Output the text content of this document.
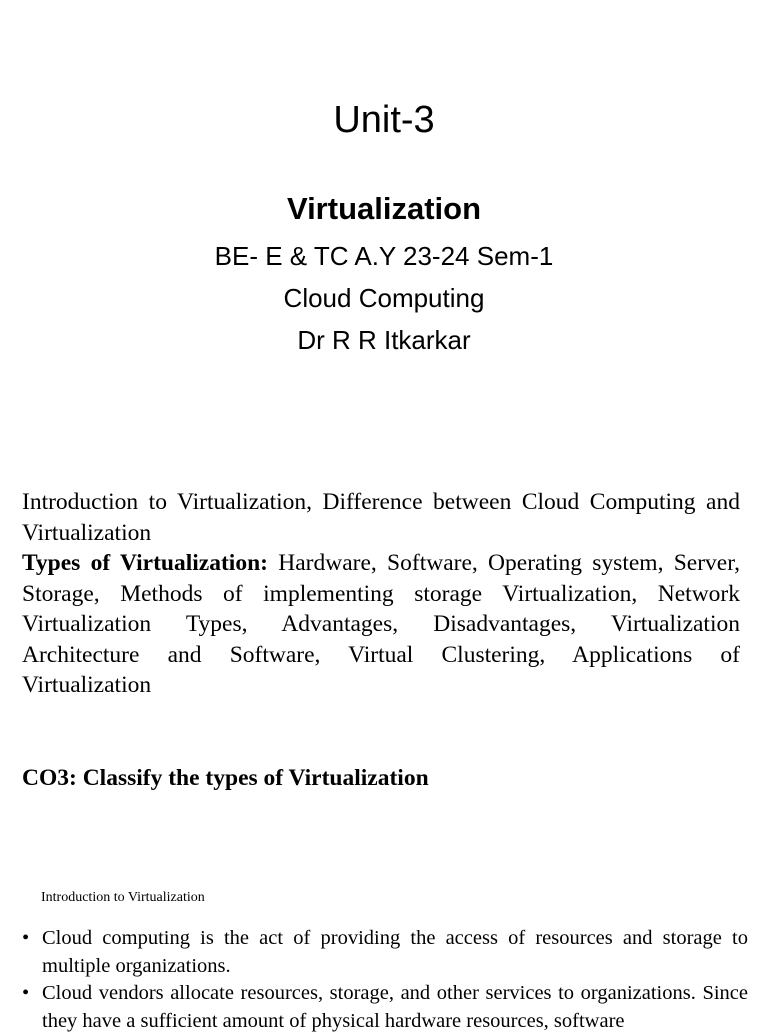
Unit-3
Virtualization
BE- E & TC A.Y 23-24 Sem-1
Cloud Computing
Dr R R Itkarkar

Introduction to Virtualization, Difference between Cloud Computing and Virtualization

Types of Virtualization: Hardware, Software, Operating system, Server, Storage, Methods of implementing storage Virtualization, Network Virtualization Types, Advantages, Disadvantages, Virtualization Architecture and Software, Virtual Clustering, Applications of Virtualization

CO3: Classify the types of Virtualization
Introduction to Virtualization
• Cloud computing is the act of providing the access of resources and storage to multiple organizations.
• Cloud vendors allocate resources, storage, and other services to organizations. Since they have a sufficient amount of physical hardware resources, software
